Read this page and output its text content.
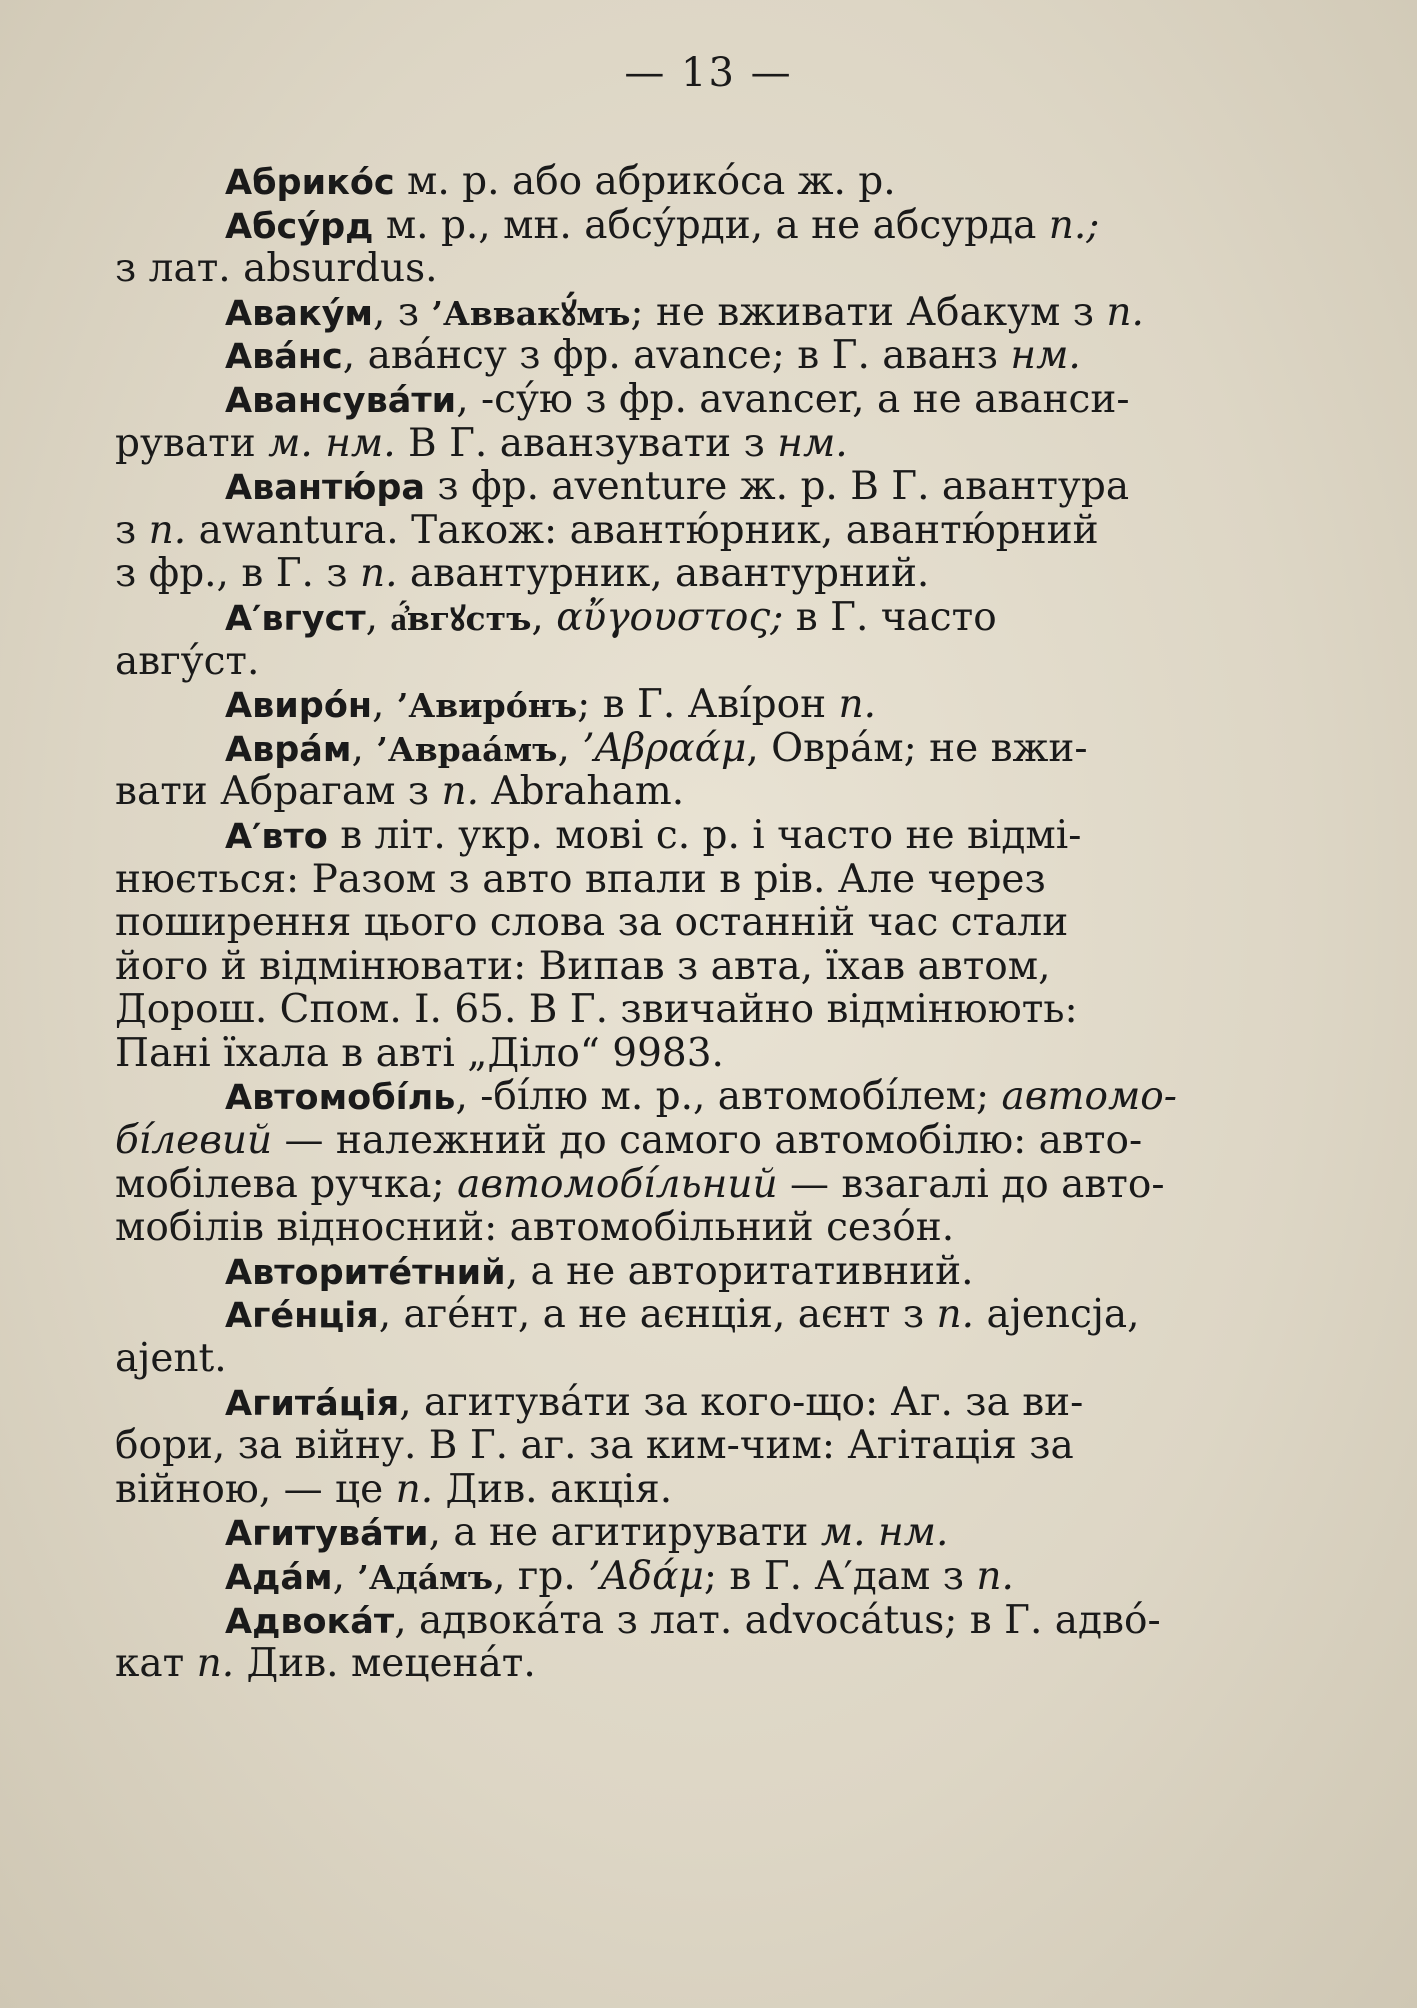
— 13 —
Абрико́с м. р. або абрико́са ж. р.
Абсу́рд м. р., мн. абсу́рди, а не абсурда п.;
з лат. absurdus.
Аваку́м, з ’Аввакꙋ́мъ; не вживати Абакум з п.
Ава́нс, ава́нсу з фр. avance; в Г. аванз нм.
Авансува́ти, -су́ю з фр. avancer, а не аванси-
рувати м. нм. В Г. аванзувати з нм.
Авантю́ра з фр. aventure ж. р. В Г. авантура
з п. awantura. Також: авантю́рник, авантю́рний
з фр., в Г. з п. авантурник, авантурний.
А′вгуст, а҆́вгꙋстъ, αὔγουστος; в Г. часто
авгу́ст.
Авиро́н, ’Авиро́нъ; в Г. Аві́рон п.
Авра́м, ’Авраа́мъ, ’Αβραάμ, Овра́м; не вжи-
вати Абрагам з п. Abraham.
А′вто в літ. укр. мові с. р. і часто не відмі-
нюється: Разом з авто впали в рів. Але через
поширення цього слова за останній час стали
його й відмінювати: Випав з авта, їхав автом,
Дорош. Спом. І. 65. В Г. звичайно відмінюють:
Пані їхала в авті „Діло“ 9983.
Автомобі́ль, -бі́лю м. р., автомобі́лем; автомо-
бі́левий — належний до самого автомобілю: авто-
мобілева ручка; автомобі́льний — взагалі до авто-
мобілів відносний: автомобільний сезо́н.
Авторите́тний, а не авторитативний.
Аге́нція, аге́нт, а не аєнція, аєнт з п. ajencja,
ajent.
Агита́ція, агитува́ти за кого-що: Аг. за ви-
бори, за війну. В Г. аг. за ким-чим: Агітація за
війною, — це п. Див. акція.
Агитува́ти, а не агитирувати м. нм.
Ада́м, ’Ада́мъ, гр. ’Αδάμ; в Г. А′дам з п.
Адвока́т, адвока́та з лат. advocátus; в Г. адво́-
кат п. Див. мецена́т.
